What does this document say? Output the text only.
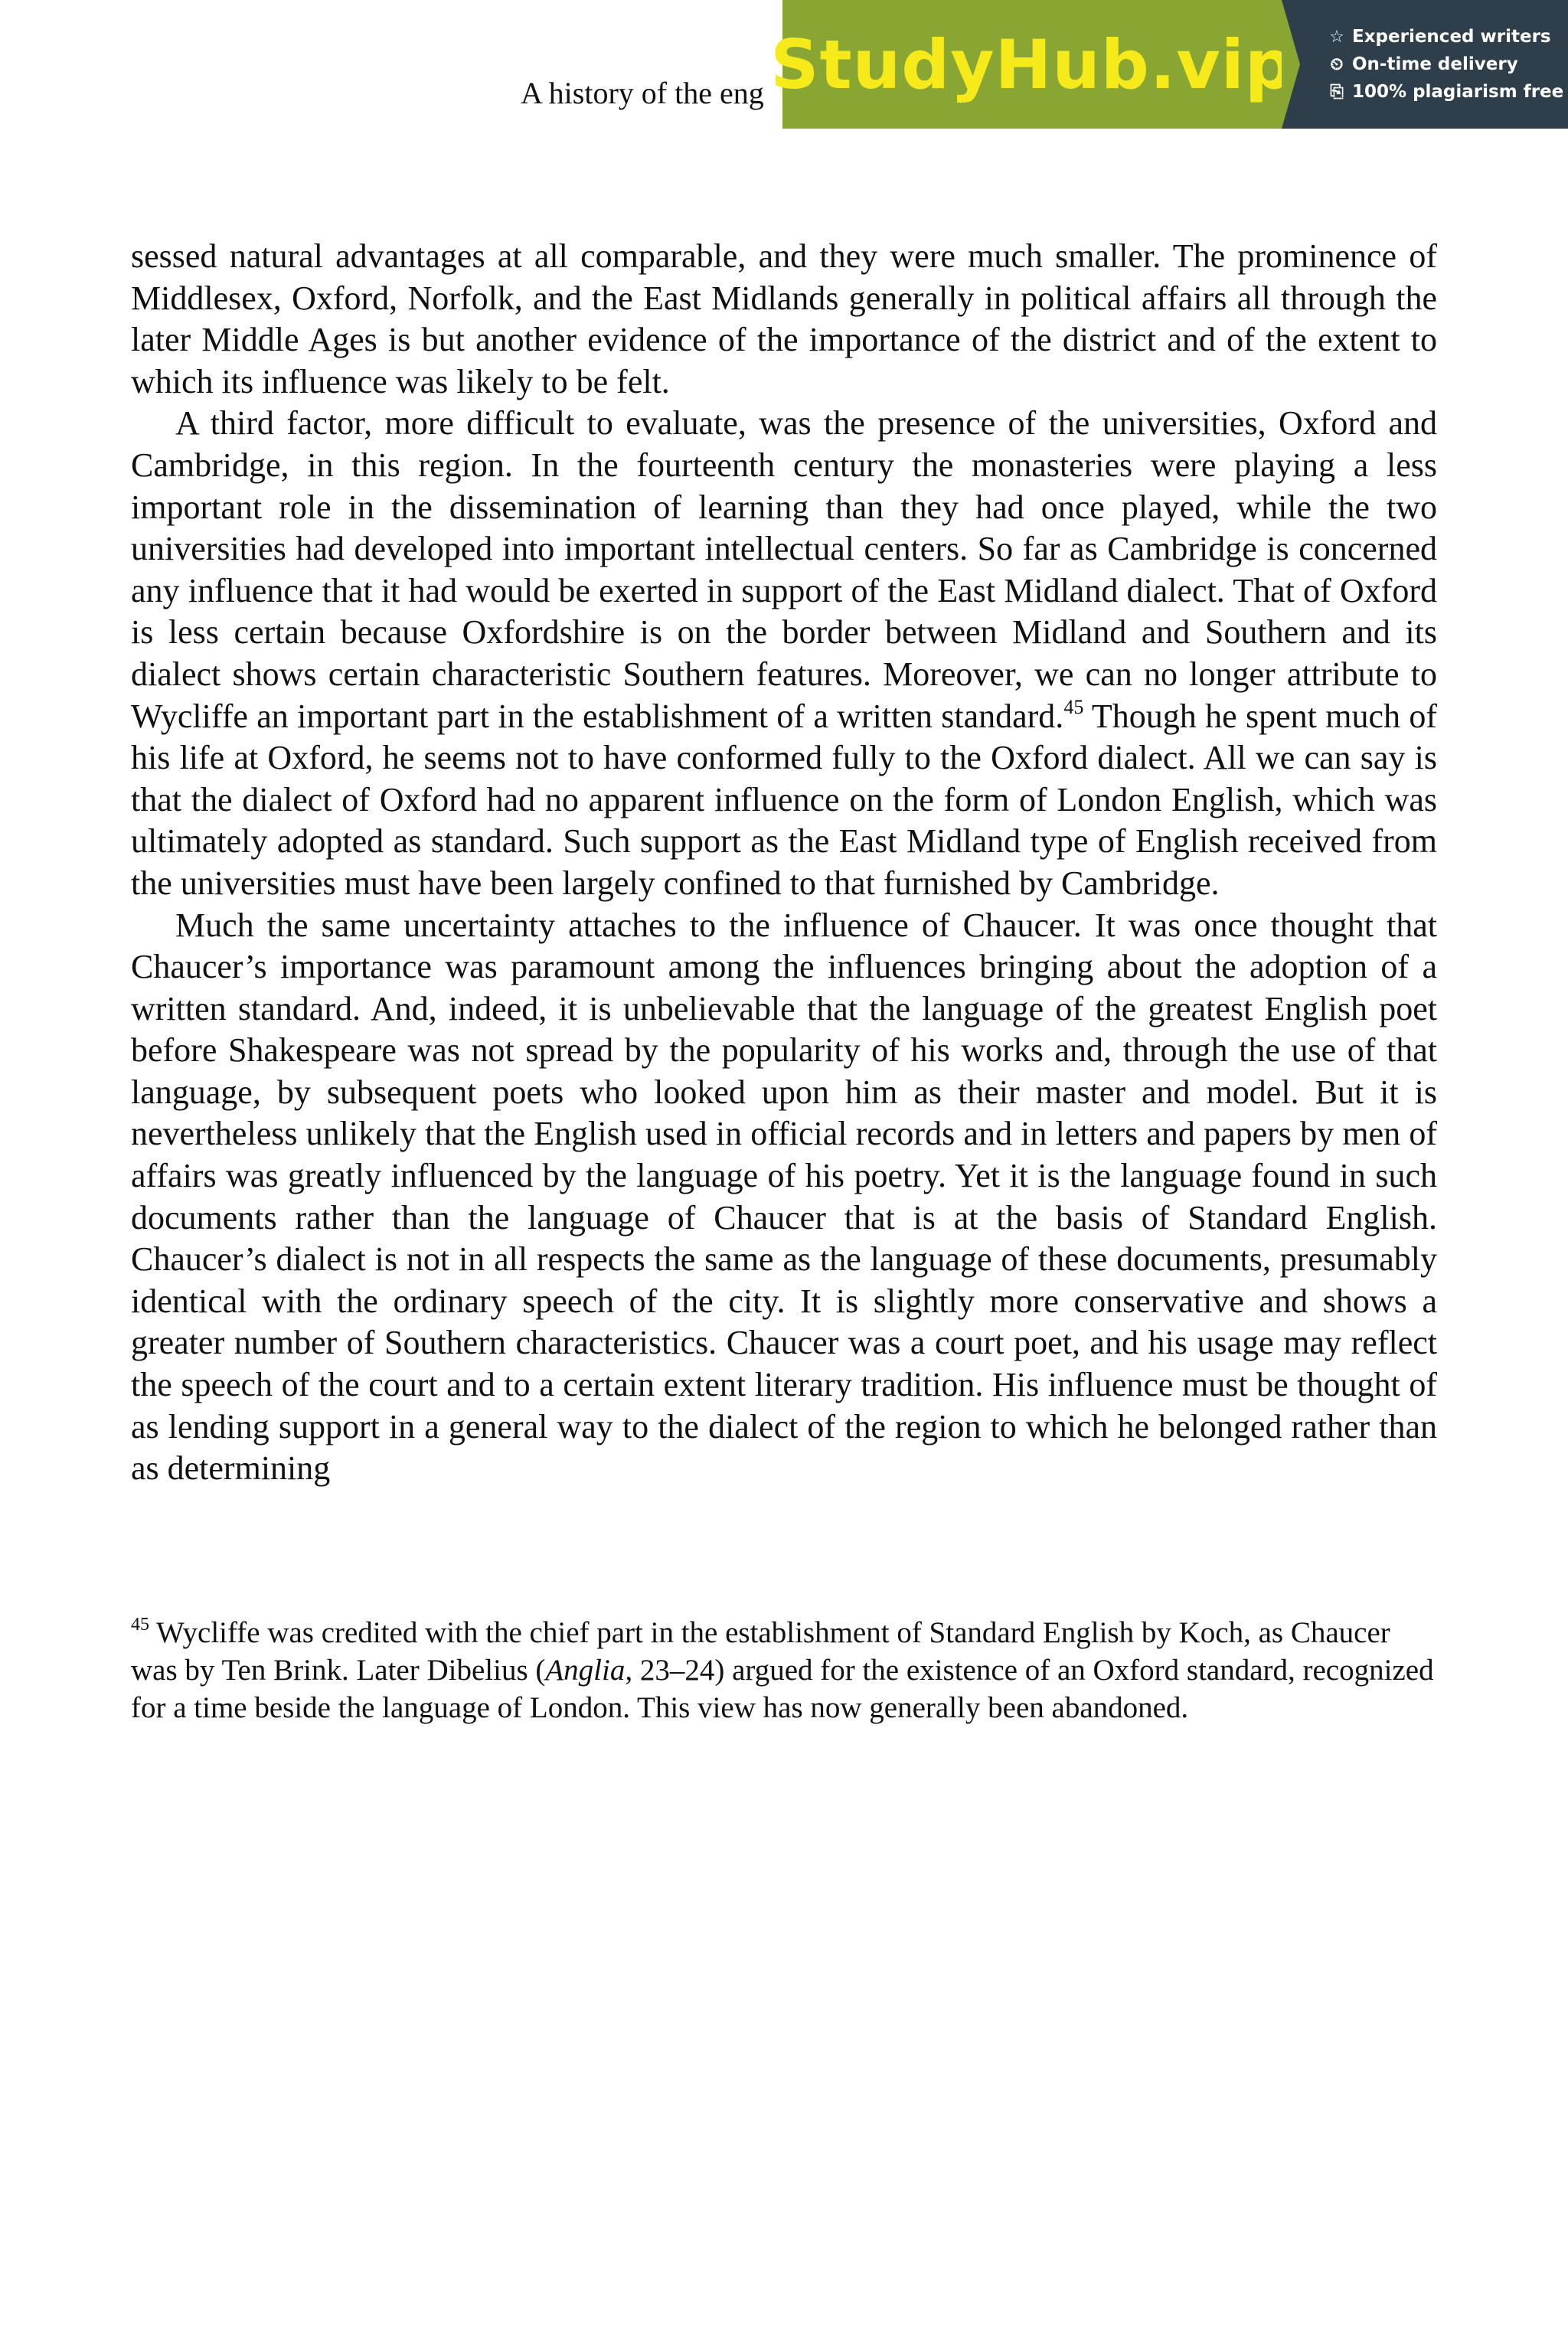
A history of the eng StudyHub.vip ☆ Experienced writers
⏲ On-time delivery
⎘ 100% plagiarism free

sessed natural advantages at all comparable, and they were much smaller. The prominence of Middlesex, Oxford, Norfolk, and the East Midlands generally in political affairs all through the later Middle Ages is but another evidence of the importance of the district and of the extent to which its influence was likely to be felt.

A third factor, more difficult to evaluate, was the presence of the universities, Oxford and Cambridge, in this region. In the fourteenth century the monasteries were playing a less important role in the dissemination of learning than they had once played, while the two universities had developed into important intellectual centers. So far as Cambridge is concerned any influence that it had would be exerted in support of the East Midland dialect. That of Oxford is less certain because Oxfordshire is on the border between Midland and Southern and its dialect shows certain characteristic Southern features. Moreover, we can no longer attribute to Wycliffe an important part in the establishment of a written standard.$^{45}$ Though he spent much of his life at Oxford, he seems not to have conformed fully to the Oxford dialect. All we can say is that the dialect of Oxford had no apparent influence on the form of London English, which was ultimately adopted as standard. Such support as the East Midland type of English received from the universities must have been largely confined to that furnished by Cambridge.

Much the same uncertainty attaches to the influence of Chaucer. It was once thought that Chaucer’s importance was paramount among the influences bringing about the adoption of a written standard. And, indeed, it is unbelievable that the language of the greatest English poet before Shakespeare was not spread by the popularity of his works and, through the use of that language, by subsequent poets who looked upon him as their master and model. But it is nevertheless unlikely that the English used in official records and in letters and papers by men of affairs was greatly influenced by the language of his poetry. Yet it is the language found in such documents rather than the language of Chaucer that is at the basis of Standard English. Chaucer’s dialect is not in all respects the same as the language of these documents, presumably identical with the ordinary speech of the city. It is slightly more conservative and shows a greater number of Southern characteristics. Chaucer was a court poet, and his usage may reflect the speech of the court and to a certain extent literary tradition. His influence must be thought of as lending support in a general way to the dialect of the region to which he belonged rather than as determining

$^{45}$ Wycliffe was credited with the chief part in the establishment of Standard English by Koch, as Chaucer was by Ten Brink. Later Dibelius (Anglia, 23–24) argued for the existence of an Oxford standard, recognized for a time beside the language of London. This view has now generally been abandoned.
